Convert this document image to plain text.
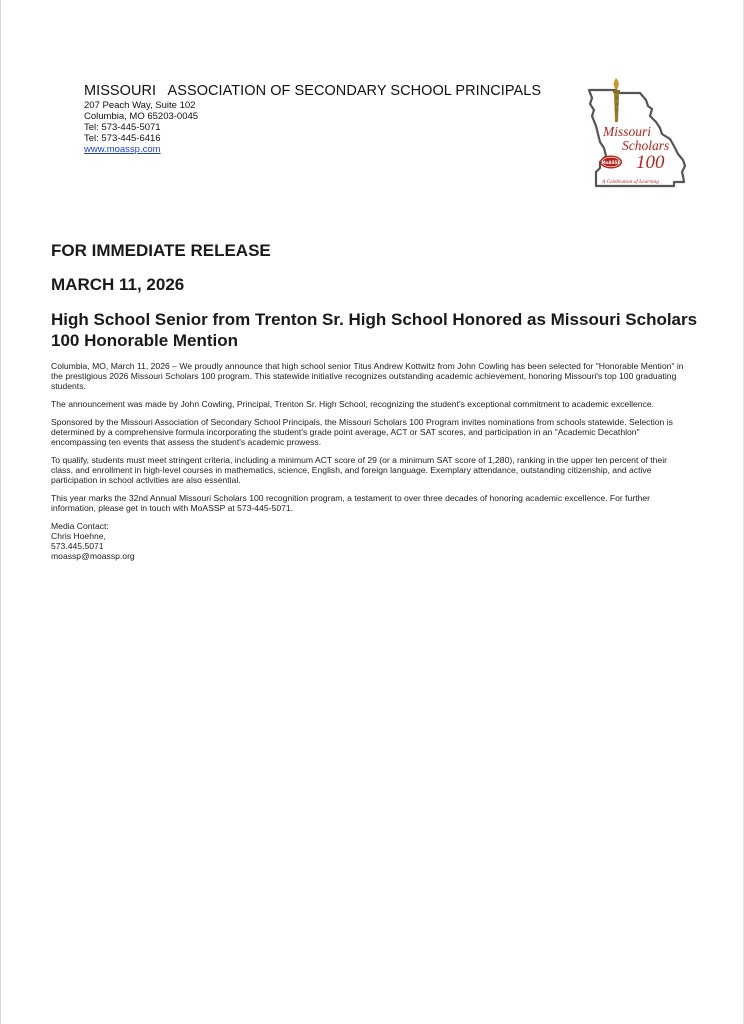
MISSOURI   ASSOCIATION OF SECONDARY SCHOOL PRINCIPALS
207 Peach Way, Suite 102
Columbia, MO 65203-0045
Tel: 573-445-5071
Tel: 573-445-6416
www.moassp.com
Missouri
Scholars
100
MoASSP
A Celebration of Learning
FOR IMMEDIATE RELEASE
MARCH 11, 2026
High School Senior from Trenton Sr. High School Honored as Missouri Scholars 100 Honorable Mention

Columbia, MO, March 11, 2026 – We proudly announce that high school senior Titus Andrew Kottwitz from John Cowling has been selected for "Honorable Mention" in the prestigious 2026 Missouri Scholars 100 program. This statewide initiative recognizes outstanding academic achievement, honoring Missouri's top 100 graduating students.

The announcement was made by John Cowling, Principal, Trenton Sr. High School, recognizing the student's exceptional commitment to academic excellence.

Sponsored by the Missouri Association of Secondary School Principals, the Missouri Scholars 100 Program invites nominations from schools statewide. Selection is determined by a comprehensive formula incorporating the student's grade point average, ACT or SAT scores, and participation in an "Academic Decathlon" encompassing ten events that assess the student's academic prowess.

To qualify, students must meet stringent criteria, including a minimum ACT score of 29 (or a minimum SAT score of 1,280), ranking in the upper ten percent of their class, and enrollment in high-level courses in mathematics, science, English, and foreign language. Exemplary attendance, outstanding citizenship, and active participation in school activities are also essential.

This year marks the 32nd Annual Missouri Scholars 100 recognition program, a testament to over three decades of honoring academic excellence. For further information, please get in touch with MoASSP at 573-445-5071.

Media Contact:
Chris Hoehne,
573.445.5071
moassp@moassp.org
